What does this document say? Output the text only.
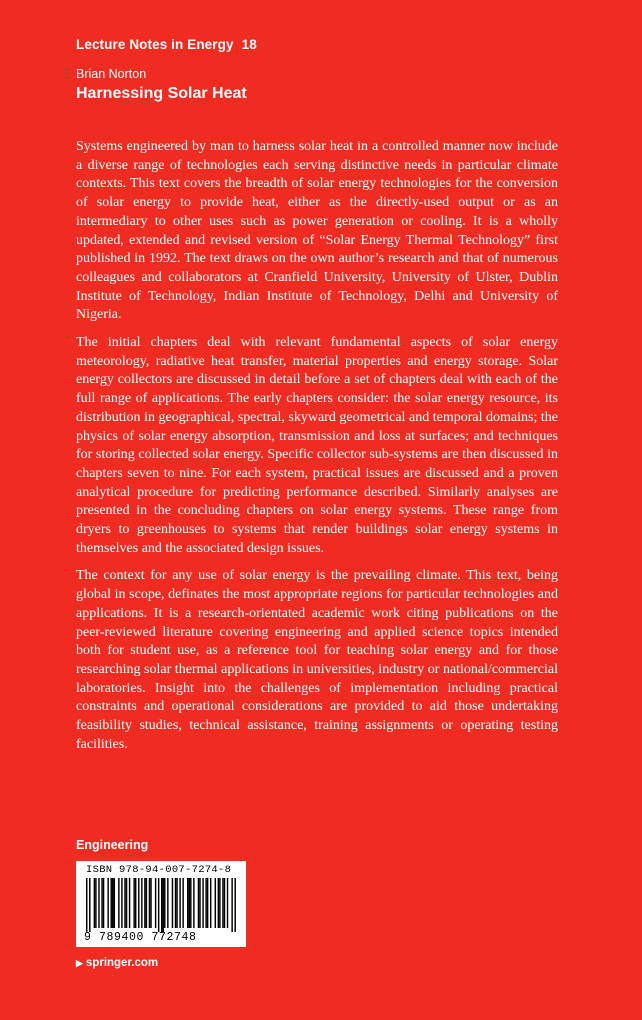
Lecture Notes in Energy 18
Brian Norton
Harnessing Solar Heat

Systems engineered by man to harness solar heat in a controlled manner now include a diverse range of technologies each serving distinctive needs in particular climate contexts. This text covers the breadth of solar energy technologies for the conversion of solar energy to provide heat, either as the directly-used output or as an intermediary to other uses such as power generation or cooling. It is a wholly updated, extended and revised version of “Solar Energy Thermal Technology” first published in 1992. The text draws on the own author’s research and that of numerous colleagues and collaborators at Cranfield University, University of Ulster, Dublin Institute of Technology, Indian Institute of Technology, Delhi and University of Nigeria.

The initial chapters deal with relevant fundamental aspects of solar energy meteorology, radiative heat transfer, material properties and energy storage. Solar energy collectors are discussed in detail before a set of chapters deal with each of the full range of applications. The early chapters consider: the solar energy resource, its distribution in geographical, spectral, skyward geometrical and temporal domains; the physics of solar energy absorption, transmission and loss at surfaces; and techniques for storing collected solar energy. Specific collector sub-systems are then discussed in chapters seven to nine. For each system, practical issues are discussed and a proven analytical procedure for predicting performance described. Similarly analyses are presented in the concluding chapters on solar energy systems. These range from dryers to greenhouses to systems that render buildings solar energy systems in themselves and the associated design issues.

The context for any use of solar energy is the prevailing climate. This text, being global in scope, definates the most appropriate regions for particular technologies and applications. It is a research-orientated academic work citing publications on the peer-reviewed literature covering engineering and applied science topics intended both for student use, as a reference tool for teaching solar energy and for those researching solar thermal applications in universities, industry or national/commercial laboratories. Insight into the challenges of implementation including practical constraints and operational considerations are provided to aid those undertaking feasibility studies, technical assistance, training assignments or operating testing facilities.

Engineering
ISBN 978-94-007-7274-8
9 789400 772748
▶ springer.com
